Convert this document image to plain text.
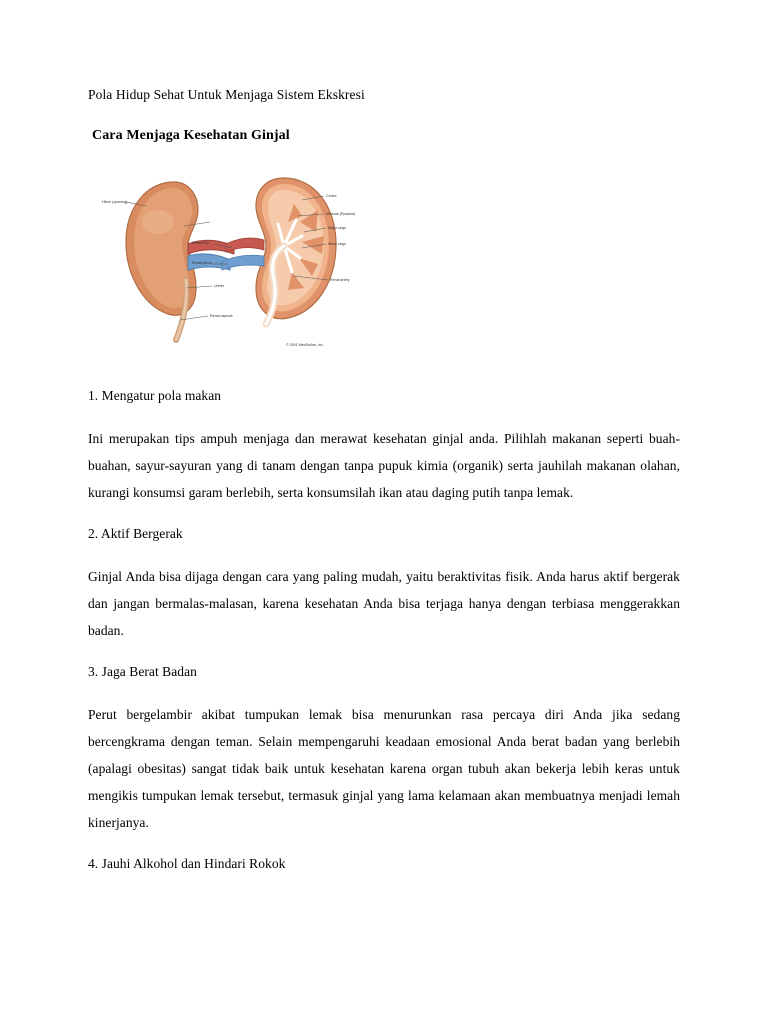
Pola Hidup Sehat Untuk Menjaga Sistem Ekskresi

Cara Menjaga Kesehatan Ginjal

Cortex
Medulla (Pyramid)
Major calyx
Minor calyx
Renal artery
Renal vein
Renal pelvis
Ureter
Renal capsule
Hilum (opening)
© 2001 MedOnline, Inc.

1. Mengatur pola makan

Ini merupakan tips ampuh menjaga dan merawat kesehatan ginjal anda. Pilihlah makanan seperti buah-buahan, sayur-sayuran yang di tanam dengan tanpa pupuk kimia (organik) serta jauhilah makanan olahan, kurangi konsumsi garam berlebih, serta konsumsilah ikan atau daging putih tanpa lemak.

2. Aktif Bergerak

Ginjal Anda bisa dijaga dengan cara yang paling mudah, yaitu beraktivitas fisik. Anda harus aktif bergerak dan jangan bermalas-malasan, karena kesehatan Anda bisa terjaga hanya dengan terbiasa menggerakkan badan.

3. Jaga Berat Badan

Perut bergelambir akibat tumpukan lemak bisa menurunkan rasa percaya diri Anda jika sedang bercengkrama dengan teman. Selain mempengaruhi keadaan emosional Anda berat badan yang berlebih (apalagi obesitas) sangat tidak baik untuk kesehatan karena organ tubuh akan bekerja lebih keras untuk mengikis tumpukan lemak tersebut, termasuk ginjal yang lama kelamaan akan membuatnya menjadi lemah kinerjanya.

4. Jauhi Alkohol dan Hindari Rokok
